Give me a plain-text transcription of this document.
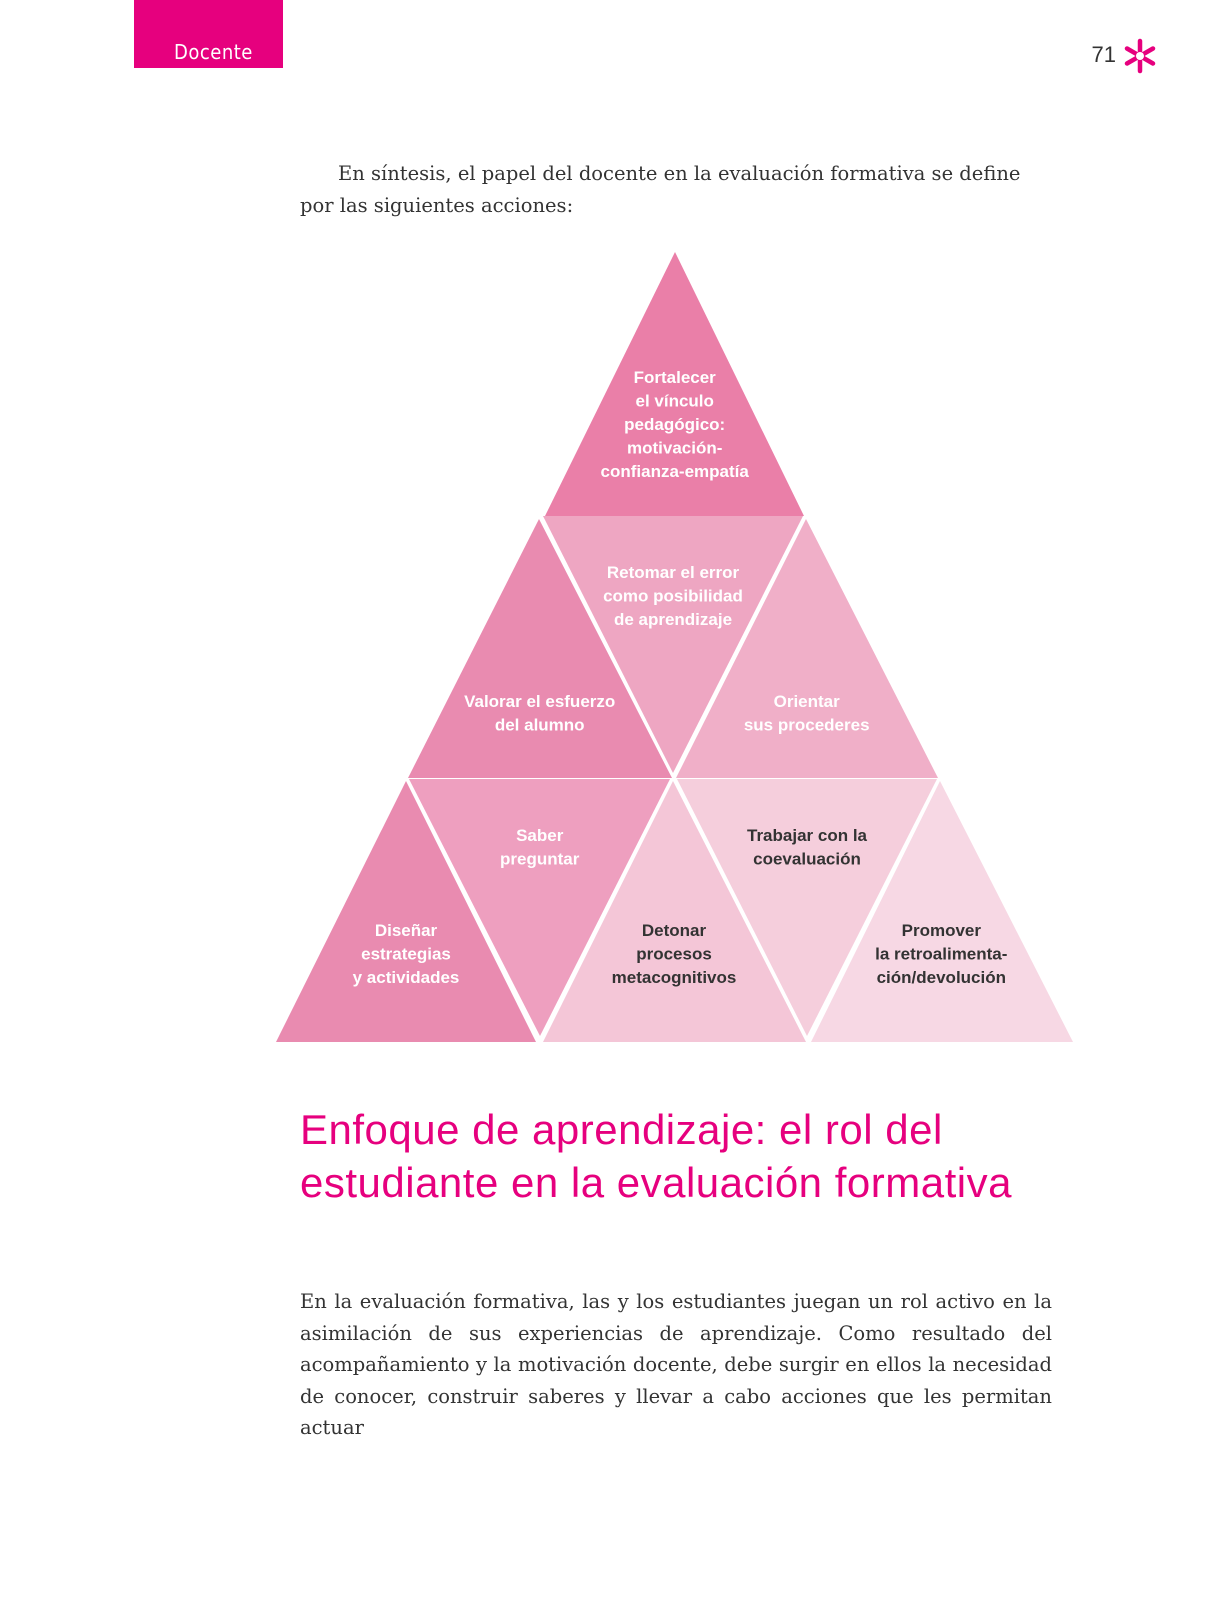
Docente	71

En síntesis, el papel del docente en la evaluación formativa se define por las siguientes acciones:

Fortalecer el vínculo pedagógico: motivación-confianza-empatía
Valorar el esfuerzo del alumno
Retomar el error como posibilidad de aprendizaje
Orientar sus procederes
Diseñar estrategias y actividades
Saber preguntar
Detonar procesos metacognitivos
Trabajar con la coevaluación
Promover la retroalimenta-ción/devolución
Enfoque de aprendizaje: el rol del estudiante en la evaluación formativa

En la evaluación formativa, las y los estudiantes juegan un rol activo en la asimilación de sus experiencias de aprendizaje. Como resultado del acompañamiento y la motivación docente, debe surgir en ellos la necesidad de conocer, construir saberes y llevar a cabo acciones que les permitan actuar
